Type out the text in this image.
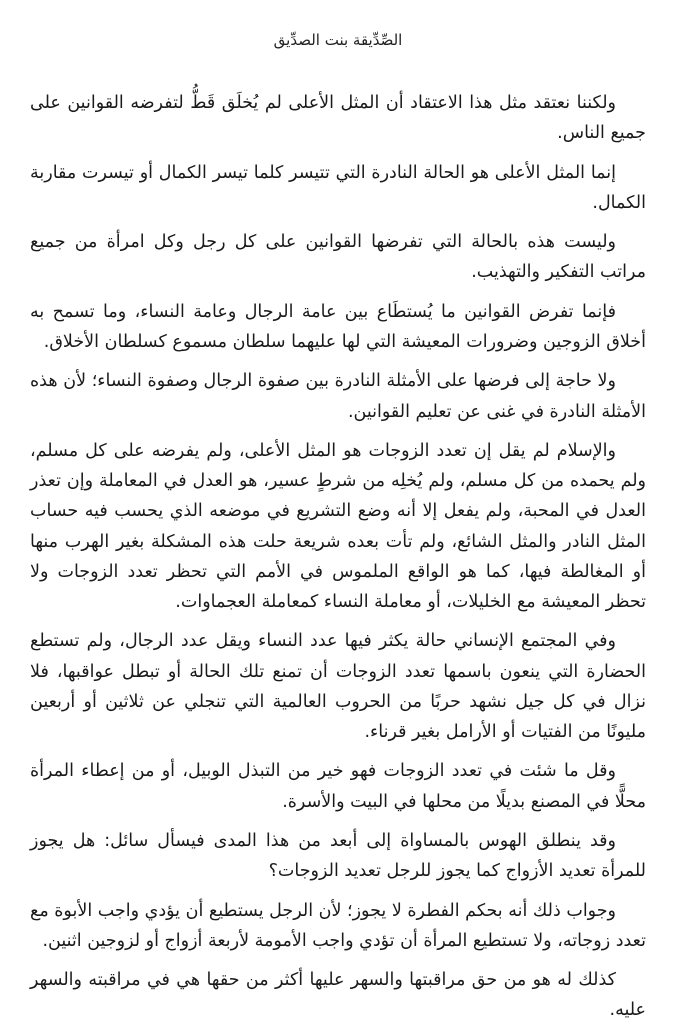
الصِّدِّيقة بنت الصدِّيق

ولكننا نعتقد مثل هذا الاعتقاد أن المثل الأعلى لم يُخلَق قَطُّ لتفرضه القوانين على جميع الناس.

إنما المثل الأعلى هو الحالة النادرة التي تتيسر كلما تيسر الكمال أو تيسرت مقاربة الكمال.

وليست هذه بالحالة التي تفرضها القوانين على كل رجل وكل امرأة من جميع مراتب التفكير والتهذيب.

فإنما تفرض القوانين ما يُستطَاع بين عامة الرجال وعامة النساء، وما تسمح به أخلاق الزوجين وضرورات المعيشة التي لها عليهما سلطان مسموع كسلطان الأخلاق.

ولا حاجة إلى فرضها على الأمثلة النادرة بين صفوة الرجال وصفوة النساء؛ لأن هذه الأمثلة النادرة في غنى عن تعليم القوانين.

والإسلام لم يقل إن تعدد الزوجات هو المثل الأعلى، ولم يفرضه على كل مسلم، ولم يحمده من كل مسلم، ولم يُخلِه من شرطٍ عسير، هو العدل في المعاملة وإن تعذر العدل في المحبة، ولم يفعل إلا أنه وضع التشريع في موضعه الذي يحسب فيه حساب المثل النادر والمثل الشائع، ولم تأت بعده شريعة حلت هذه المشكلة بغير الهرب منها أو المغالطة فيها، كما هو الواقع الملموس في الأمم التي تحظر تعدد الزوجات ولا تحظر المعيشة مع الخليلات، أو معاملة النساء كمعاملة العجماوات.

وفي المجتمع الإنساني حالة يكثر فيها عدد النساء ويقل عدد الرجال، ولم تستطع الحضارة التي ينعون باسمها تعدد الزوجات أن تمنع تلك الحالة أو تبطل عواقبها، فلا نزال في كل جيل نشهد حربًا من الحروب العالمية التي تنجلي عن ثلاثين أو أربعين مليونًا من الفتيات أو الأرامل بغير قرناء.

وقل ما شئت في تعدد الزوجات فهو خير من التبذل الوبيل، أو من إعطاء المرأة محلًّا في المصنع بديلًا من محلها في البيت والأسرة.

وقد ينطلق الهوس بالمساواة إلى أبعد من هذا المدى فيسأل سائل: هل يجوز للمرأة تعديد الأزواج كما يجوز للرجل تعديد الزوجات؟

وجواب ذلك أنه بحكم الفطرة لا يجوز؛ لأن الرجل يستطيع أن يؤدي واجب الأبوة مع تعدد زوجاته، ولا تستطيع المرأة أن تؤدي واجب الأمومة لأربعة أزواج أو لزوجين اثنين.

كذلك له هو من حق مراقبتها والسهر عليها أكثر من حقها هي في مراقبته والسهر عليه.
